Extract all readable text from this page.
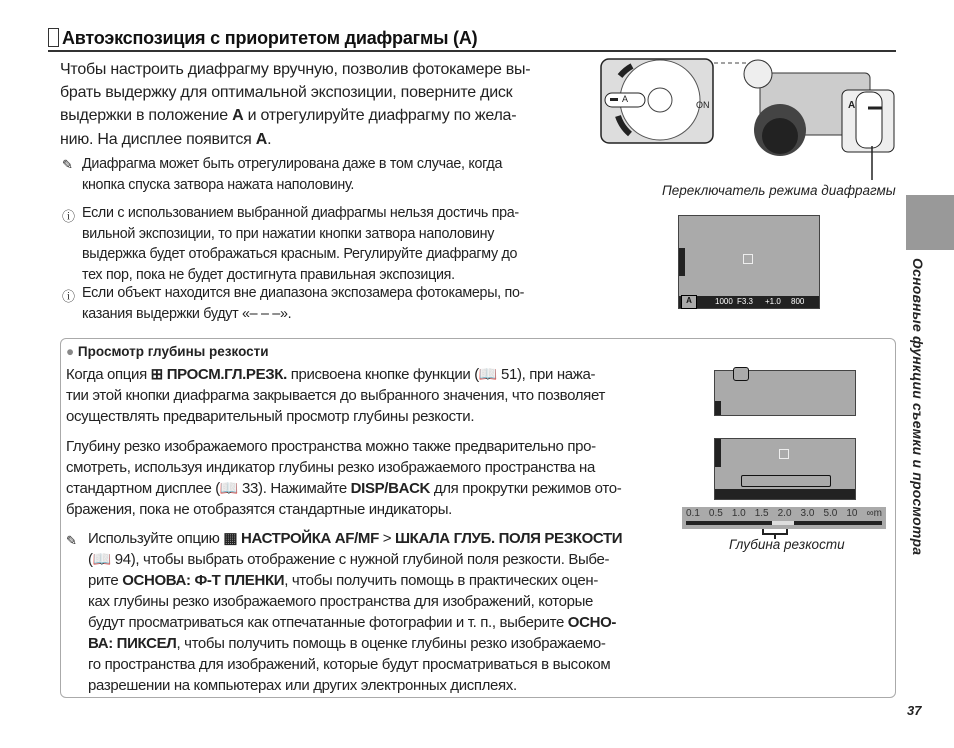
Автоэкспозиция с приоритетом диафрагмы (A)
Чтобы настроить диафрагму вручную, позволив фотокамере вы-
брать выдержку для оптимальной экспозиции, поверните диск
выдержки в положение A и отрегулируйте диафрагму по жела-
нию. На дисплее появится A.
✎ Диафрагма может быть отрегулирована даже в том случае, когда
кнопка спуска затвора нажата наполовину.
ⓘ Если с использованием выбранной диафрагмы нельзя достичь пра-
вильной экспозиции, то при нажатии кнопки затвора наполовину
выдержка будет отображаться красным. Регулируйте диафрагму до
тех пор, пока не будет достигнута правильная экспозиция.
ⓘ Если объект находится вне диапазона экспозамера фотокамеры, по-
казания выдержки будут «– – –».
A
ON	A
Переключатель режима диафрагмы
A	1000 F3.3 +1.0 800
● Просмотр глубины резкости
Когда опция ⊞ ПРОСМ.ГЛ.РЕЗК. присвоена кнопке функции (📖 51), при нажа-
тии этой кнопки диафрагма закрывается до выбранного значения, что позволяет
осуществлять предварительный просмотр глубины резкости.
Глубину резко изображаемого пространства можно также предварительно про-
смотреть, используя индикатор глубины резко изображаемого пространства на
стандартном дисплее (📖 33). Нажимайте DISP/BACK для прокрутки режимов ото-
бражения, пока не отобразятся стандартные индикаторы.
✎ Используйте опцию ▦ НАСТРОЙКА AF/MF > ШКАЛА ГЛУБ. ПОЛЯ РЕЗКОСТИ
(📖 94), чтобы выбрать отображение с нужной глубиной поля резкости. Выбе-
рите ОСНОВА: Ф-Т ПЛЕНКИ, чтобы получить помощь в практических оцен-
ках глубины резко изображаемого пространства для изображений, которые
будут просматриваться как отпечатанные фотографии и т. п., выберите ОСНО-
ВА: ПИКСЕЛ, чтобы получить помощь в оценке глубины резко изображаемо-
го пространства для изображений, которые будут просматриваться в высоком
разрешении на компьютерах или других электронных дисплеях.
0.1 0.5 1.0 1.5 2.0 3.0 5.0 10 ∞m
Глубина резкости	Основные функции съемки и просмотра
37
